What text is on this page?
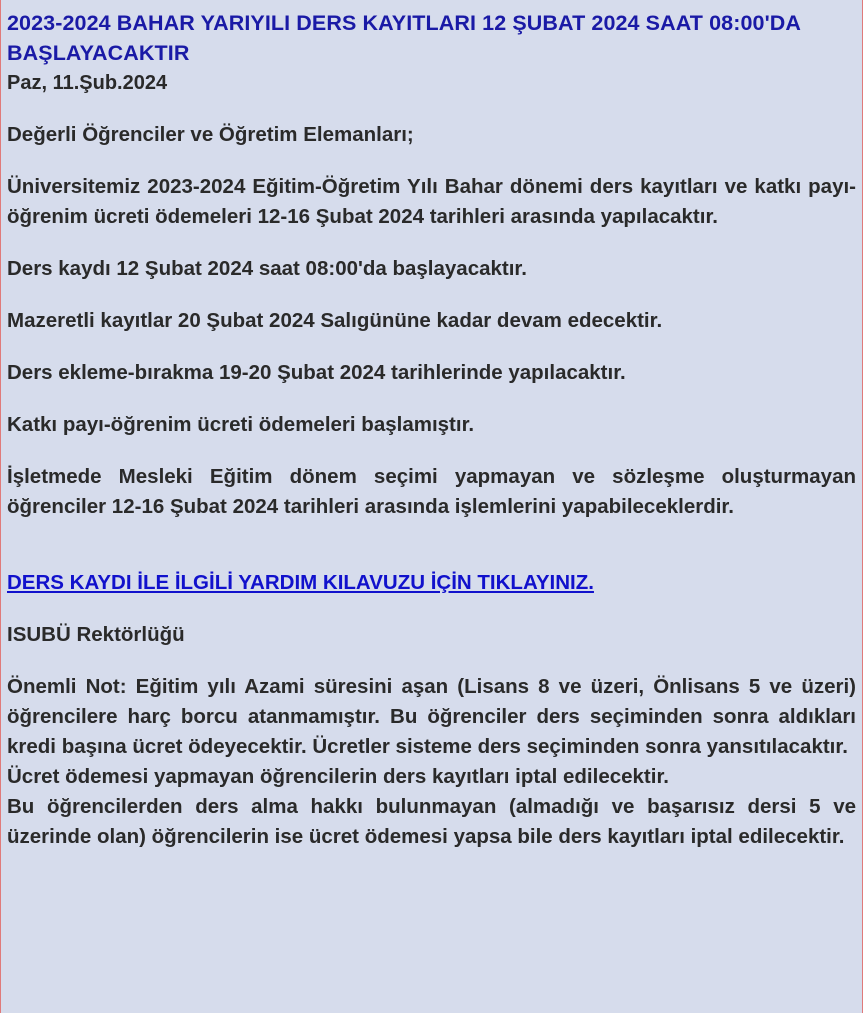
2023-2024 BAHAR YARIYILI DERS KAYITLARI 12 ŞUBAT 2024 SAAT 08:00'DA BAŞLAYACAKTIR

Paz, 11.Şub.2024

Değerli Öğrenciler ve Öğretim Elemanları;

Üniversitemiz 2023-2024 Eğitim-Öğretim Yılı Bahar dönemi ders kayıtları ve katkı payı-öğrenim ücreti ödemeleri 12-16 Şubat 2024 tarihleri arasında yapılacaktır.

Ders kaydı 12 Şubat 2024 saat 08:00'da başlayacaktır.

Mazeretli kayıtlar 20 Şubat 2024 Salıgününe kadar devam edecektir.

Ders ekleme-bırakma 19-20 Şubat 2024 tarihlerinde yapılacaktır.

Katkı payı-öğrenim ücreti ödemeleri başlamıştır.

İşletmede Mesleki Eğitim dönem seçimi yapmayan ve sözleşme oluşturmayan öğrenciler 12-16 Şubat 2024 tarihleri arasında işlemlerini yapabileceklerdir.

DERS KAYDI İLE İLGİLİ YARDIM KILAVUZU İÇİN TIKLAYINIZ.

ISUBÜ Rektörlüğü

Önemli Not: Eğitim yılı Azami süresini aşan (Lisans 8 ve üzeri, Önlisans 5 ve üzeri) öğrencilere harç borcu atanmamıştır. Bu öğrenciler ders seçiminden sonra aldıkları kredi başına ücret ödeyecektir. Ücretler sisteme ders seçiminden sonra yansıtılacaktır.

Ücret ödemesi yapmayan öğrencilerin ders kayıtları iptal edilecektir.

Bu öğrencilerden ders alma hakkı bulunmayan (almadığı ve başarısız dersi 5 ve üzerinde olan) öğrencilerin ise ücret ödemesi yapsa bile ders kayıtları iptal edilecektir.
